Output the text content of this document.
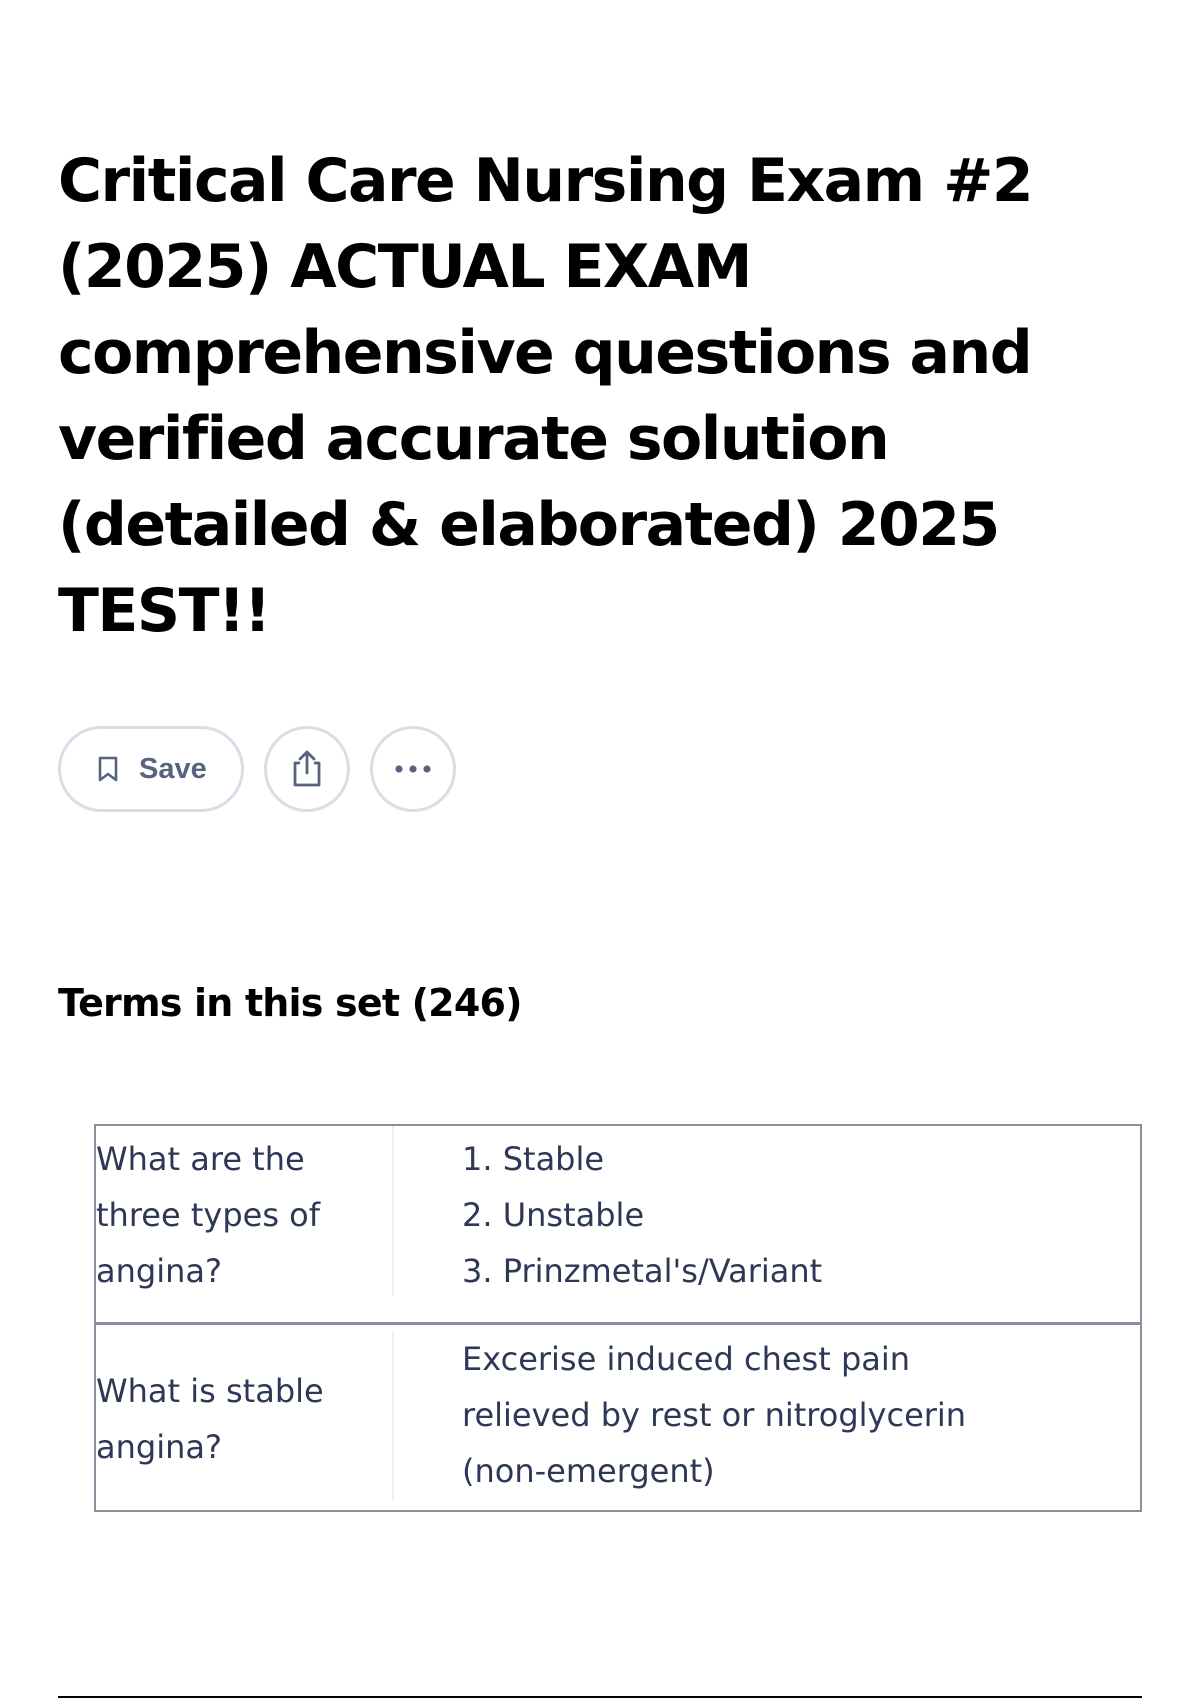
Critical Care Nursing Exam #2
(2025) ACTUAL EXAM
comprehensive questions and
verified accurate solution
(detailed & elaborated) 2025
TEST!!
Save
Terms in this set (246)
What are the
three types of
angina?
1. Stable
2. Unstable
3. Prinzmetal's/Variant
What is stable
angina?
Excerise induced chest pain
relieved by rest or nitroglycerin
(non-emergent)
